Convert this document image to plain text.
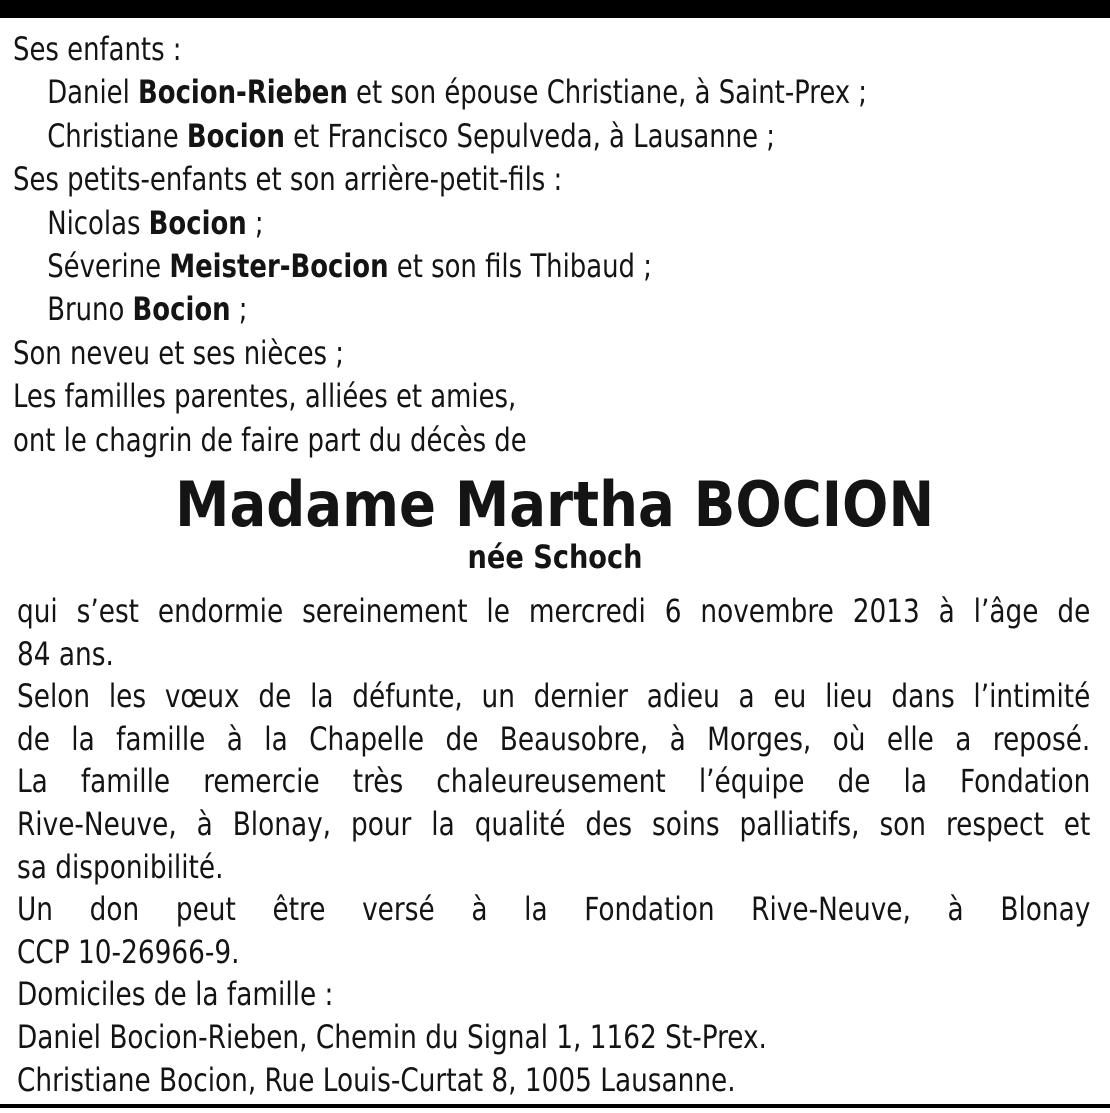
Ses enfants :
Daniel Bocion-Rieben et son épouse Christiane, à Saint-Prex ;
Christiane Bocion et Francisco Sepulveda, à Lausanne ;
Ses petits-enfants et son arrière-petit-fils :
Nicolas Bocion ;
Séverine Meister-Bocion et son fils Thibaud ;
Bruno Bocion ;
Son neveu et ses nièces ;
Les familles parentes, alliées et amies,
ont le chagrin de faire part du décès de
Madame Martha BOCION
née Schoch

qui s’est endormie sereinement le mercredi 6 novembre 2013 à l’âge de

84 ans.

Selon les vœux de la défunte, un dernier adieu a eu lieu dans l’intimité

de la famille à la Chapelle de Beausobre, à Morges, où elle a reposé.

La famille remercie très chaleureusement l’équipe de la Fondation

Rive-Neuve, à Blonay, pour la qualité des soins palliatifs, son respect et

sa disponibilité.

Un don peut être versé à la Fondation Rive-Neuve, à Blonay

CCP 10-26966-9.

Domiciles de la famille :

Daniel Bocion-Rieben, Chemin du Signal 1, 1162 St-Prex.

Christiane Bocion, Rue Louis-Curtat 8, 1005 Lausanne.
